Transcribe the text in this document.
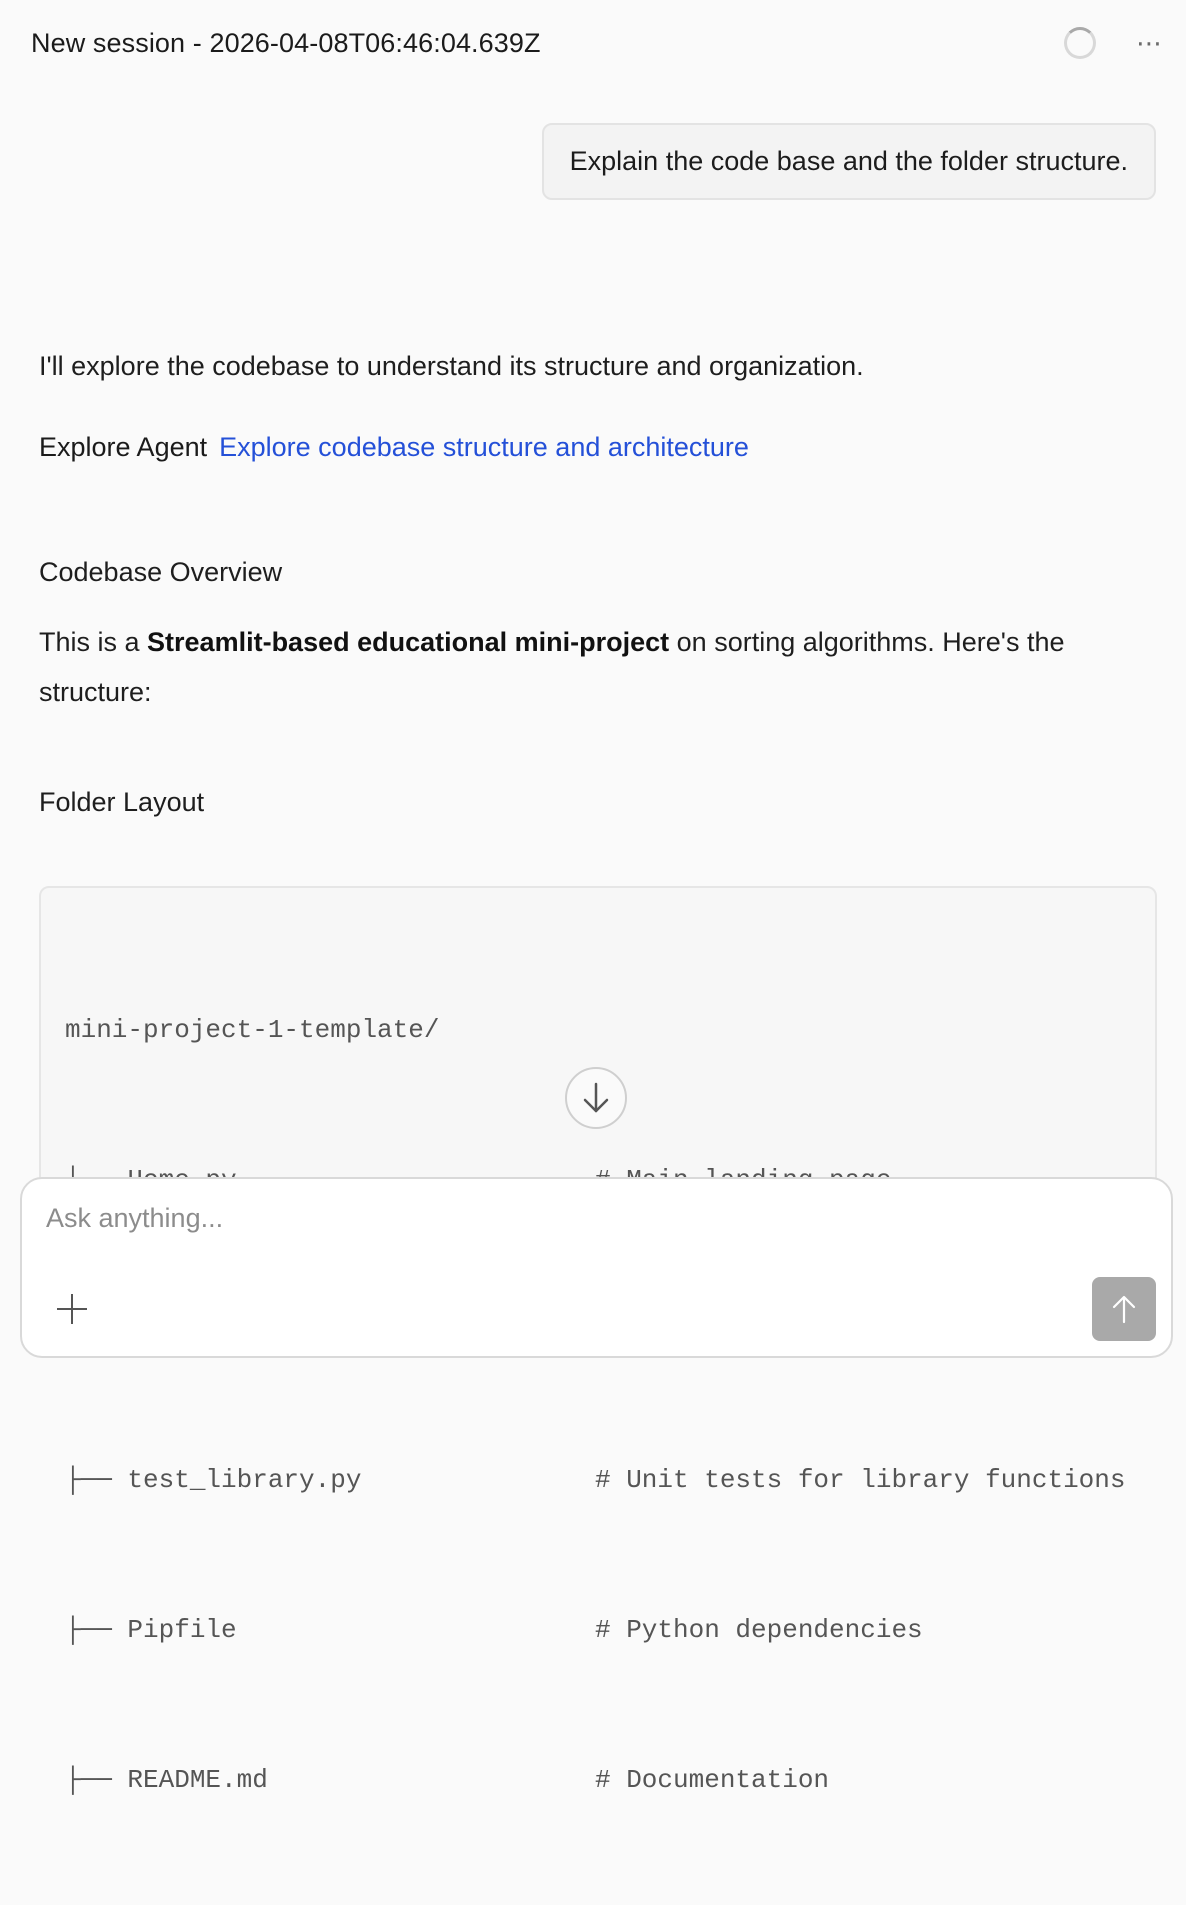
New session - 2026-04-08T06:46:04.639Z	⋯
Explain the code base and the folder structure.
I'll explore the codebase to understand its structure and organization.
Explore Agent Explore codebase structure and architecture
Codebase Overview
This is a Streamlit-based educational mini-project on sorting algorithms. Here's the structure:
Folder Layout

mini-project-1-template/

├── test_library.py	# Unit tests for library functions

├── Pipfile	# Python dependencies

├── README.md	# Documentation

Ask anything...
